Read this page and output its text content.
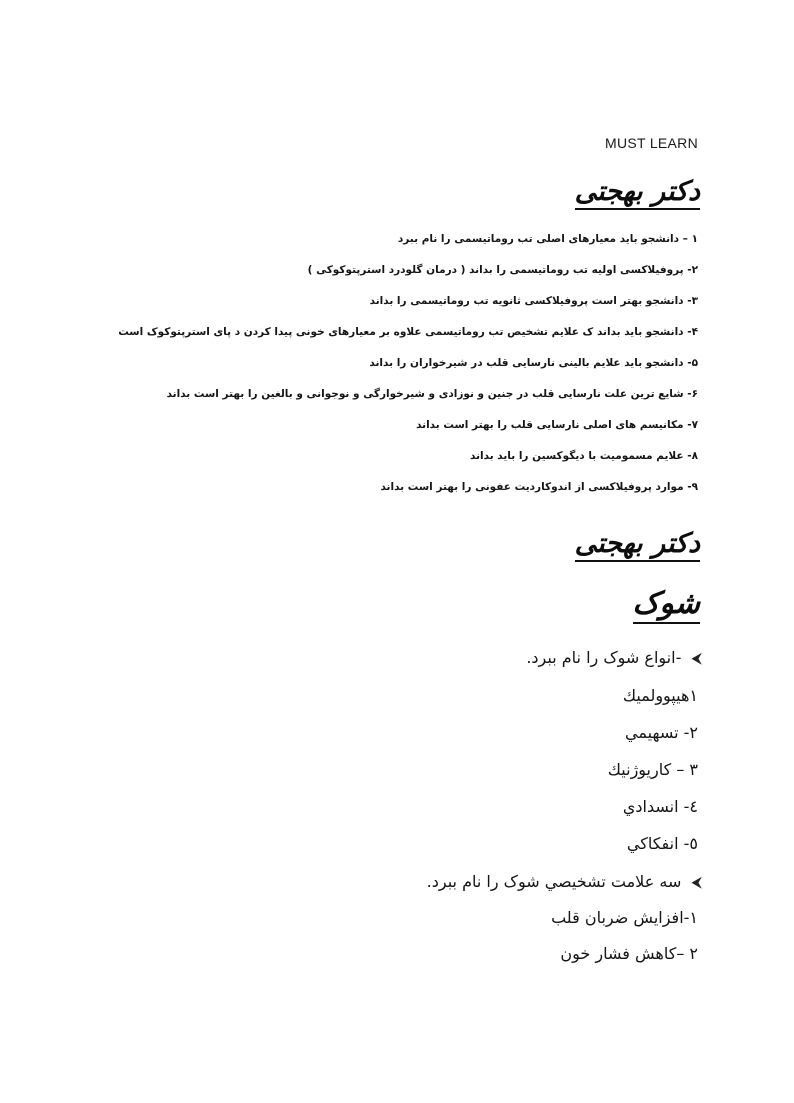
MUST LEARN
دکتر بهجتی
۱ – دانشجو باید معیارهای اصلی تب روماتیسمی را نام ببرد
۲- پروفیلاکسی اولیه تب روماتیسمی را بداند ( درمان گلودرد استرپتوکوکی )
۳- دانشجو بهتر است پروفیلاکسی ثانویه تب روماتیسمی را بداند
۴- دانشجو باید بداند ک علایم تشخیص تب روماتیسمی علاوه بر معیارهای خونی پیدا کردن د پای استرپتوکوک است
۵- دانشجو باید علایم بالینی نارسایی قلب در شیرخواران را بداند
۶- شایع ترین علت نارسایی قلب در جنین و نوزادی و شیرخوارگی و نوجوانی و بالغین را بهتر است بداند
۷- مکانیسم های اصلی نارسایی قلب را بهتر است بداند
۸- علایم مسمومیت با دیگوکسین را باید بداند
۹- موارد پروفیلاکسی از اندوکاردیت عفونی را بهتر است بداند
دکتر بهجتی
شوک
⮜-انواع شوک را نام ببرد.
۱هیپوولمیك
۲- تسهیمي
۳ – کاريوژنيك
٤- انسدادي
٥- انفكاكي
⮜سه علامت تشخيصي شوک را نام ببرد.
۱-افزایش ضربان قلب
۲ –کاهش فشار خون
